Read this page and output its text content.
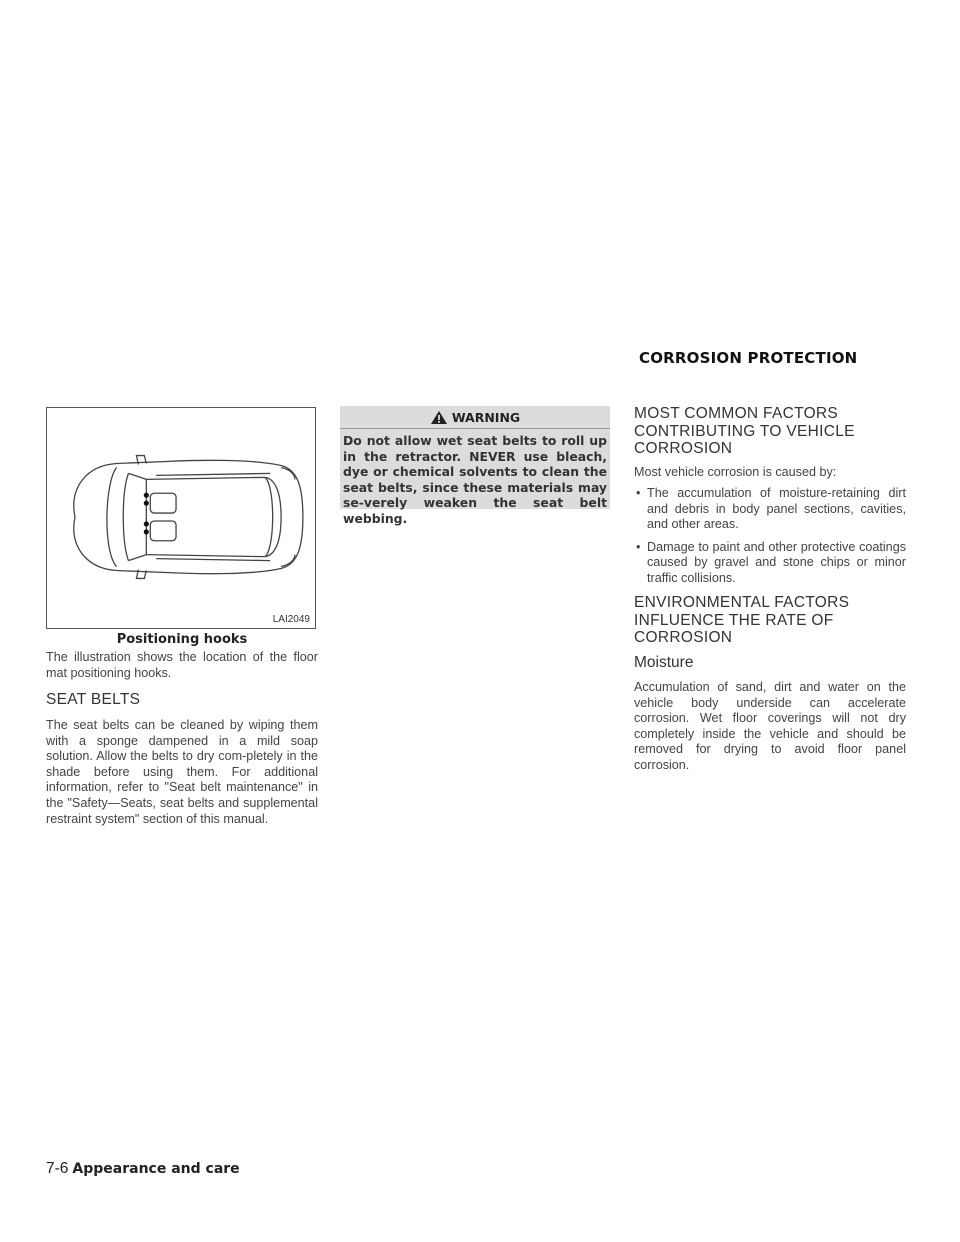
CORROSION PROTECTION
LAI2049
Positioning hooks
The illustration shows the location of the floor mat positioning hooks.
SEAT BELTS
The seat belts can be cleaned by wiping them with a sponge dampened in a mild soap solution. Allow the belts to dry com-pletely in the shade before using them. For additional information, refer to "Seat belt maintenance" in the "Safety—Seats, seat belts and supplemental restraint system" section of this manual.
WARNING
Do not allow wet seat belts to roll up in the retractor. NEVER use bleach, dye or chemical solvents to clean the seat belts, since these materials may se-verely weaken the seat belt webbing.
MOST COMMON FACTORS CONTRIBUTING TO VEHICLE CORROSION
Most vehicle corrosion is caused by:
• The accumulation of moisture-retaining dirt and debris in body panel sections, cavities, and other areas.
• Damage to paint and other protective coatings caused by gravel and stone chips or minor traffic collisions.
ENVIRONMENTAL FACTORS INFLUENCE THE RATE OF CORROSION
Moisture
Accumulation of sand, dirt and water on the vehicle body underside can accelerate corrosion. Wet floor coverings will not dry completely inside the vehicle and should be removed for drying to avoid floor panel corrosion.
7-6 Appearance and care
